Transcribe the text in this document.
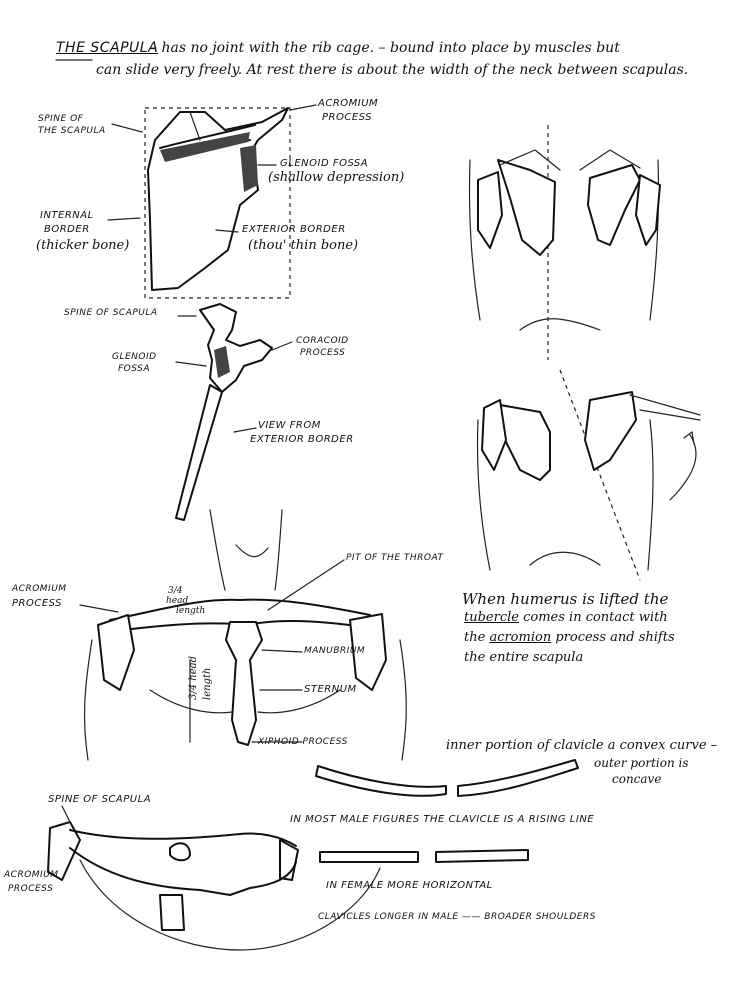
THE SCAPULA
– has no joint with the rib cage. – bound into place by muscles but
can slide very freely. At rest there is about the width of the neck between scapulas.
SPINE OF
THE SCAPULA
ACROMIUM
PROCESS
GLENOID FOSSA
(shallow depression)
INTERNAL
BORDER
(thicker bone)
EXTERIOR BORDER
(thou' thin bone)
SPINE OF SCAPULA
GLENOID
FOSSA
CORACOID
PROCESS
VIEW FROM
EXTERIOR BORDER
When humerus is lifted the
tubercle comes in contact with
the acromion process and shifts
the entire scapula
PIT OF THE THROAT
ACROMIUM
PROCESS
3/4
head
length
MANUBRIUM
STERNUM
XIPHOID PROCESS
3/4 head length
inner portion of clavicle a convex curve –
outer portion is
concave
IN MOST MALE FIGURES THE CLAVICLE IS A RISING LINE
IN FEMALE MORE HORIZONTAL
CLAVICLES LONGER IN MALE —— BROADER SHOULDERS
SPINE OF SCAPULA
ACROMIUM
PROCESS
